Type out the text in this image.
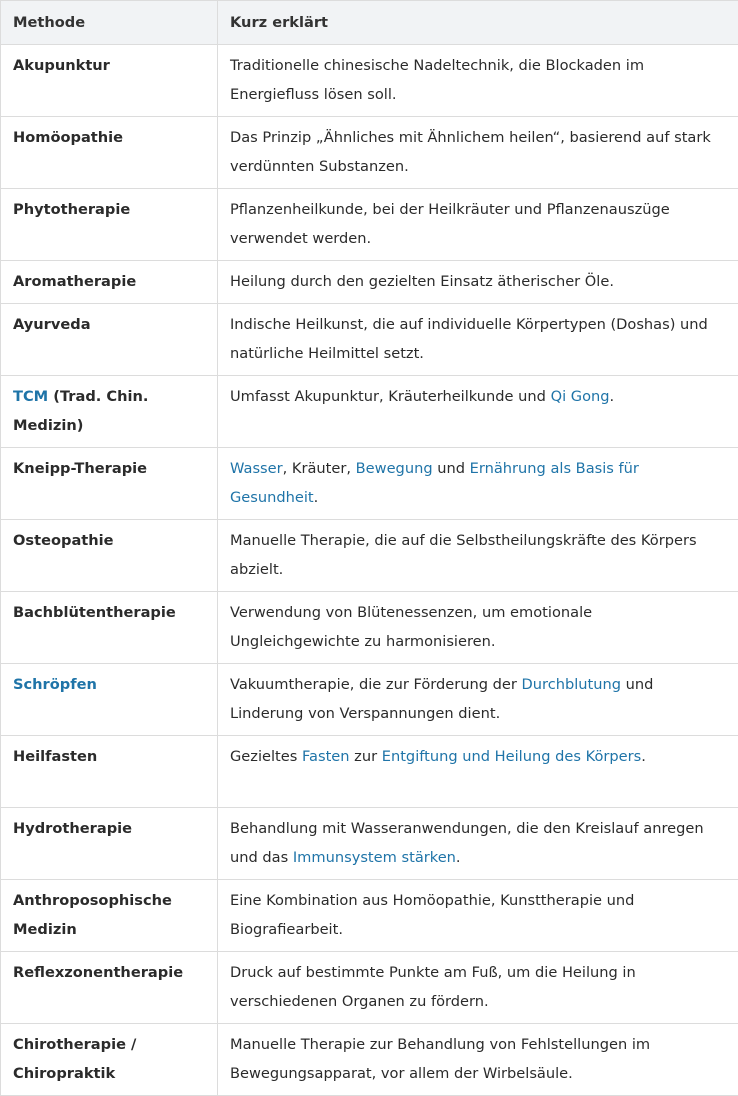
Methode	Kurz erklärt
Akupunktur	Traditionelle chinesische Nadeltechnik, die Blockaden im Energiefluss lösen soll.
Homöopathie	Das Prinzip „Ähnliches mit Ähnlichem heilen“, basierend auf stark verdünnten Substanzen.
Phytotherapie	Pflanzenheilkunde, bei der Heilkräuter und Pflanzenauszüge verwendet werden.
Aromatherapie	Heilung durch den gezielten Einsatz ätherischer Öle.
Ayurveda	Indische Heilkunst, die auf individuelle Körpertypen (Doshas) und natürliche Heilmittel setzt.
TCM (Trad. Chin. Medizin)	Umfasst Akupunktur, Kräuterheilkunde und Qi Gong.
Kneipp-Therapie	Wasser, Kräuter, Bewegung und Ernährung als Basis für Gesundheit.
Osteopathie	Manuelle Therapie, die auf die Selbstheilungskräfte des Körpers abzielt.
Bachblütentherapie	Verwendung von Blütenessenzen, um emotionale Ungleichgewichte zu harmonisieren.
Schröpfen	Vakuumtherapie, die zur Förderung der Durchblutung und Linderung von Verspannungen dient.
Heilfasten	Gezieltes Fasten zur Entgiftung und Heilung des Körpers.
Hydrotherapie	Behandlung mit Wasseranwendungen, die den Kreislauf anregen und das Immunsystem stärken.
Anthroposophische Medizin	Eine Kombination aus Homöopathie, Kunsttherapie und Biografiearbeit.
Reflexzonentherapie	Druck auf bestimmte Punkte am Fuß, um die Heilung in verschiedenen Organen zu fördern.
Chirotherapie / Chiropraktik	Manuelle Therapie zur Behandlung von Fehlstellungen im Bewegungsapparat, vor allem der Wirbelsäule.
